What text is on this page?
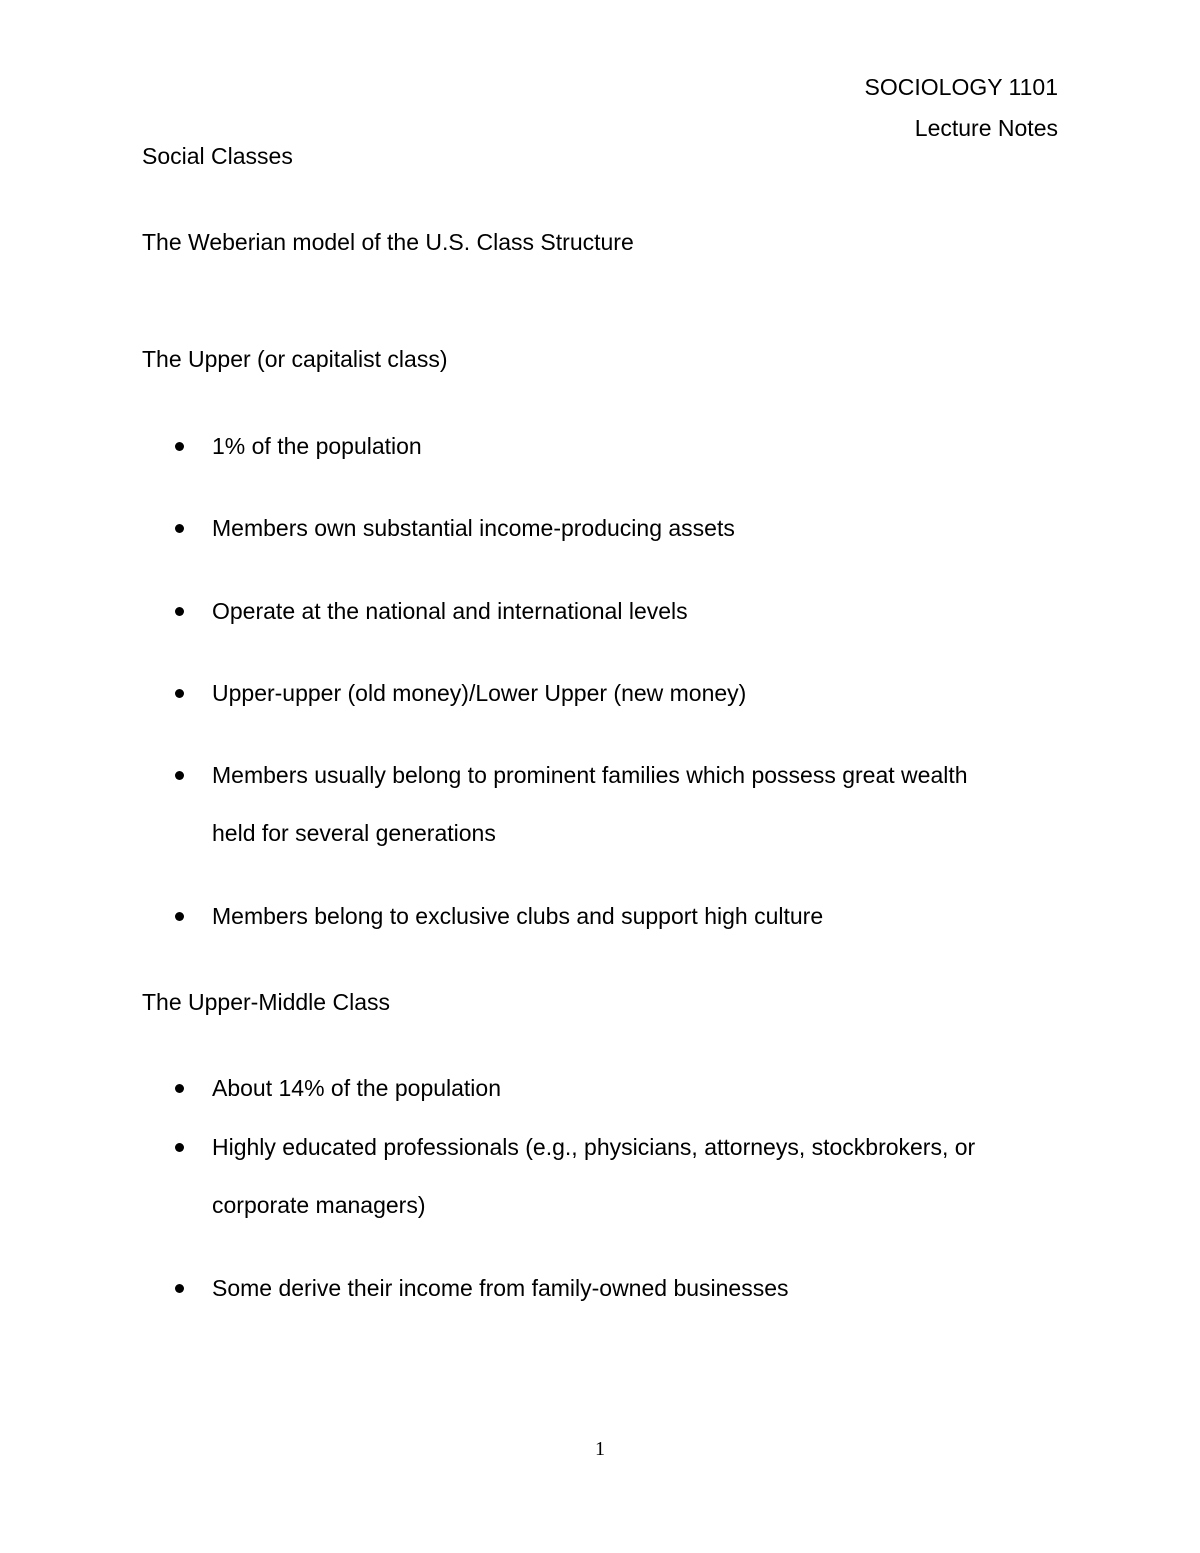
SOCIOLOGY 1101
Lecture Notes
Social Classes
The Weberian model of the U.S. Class Structure
The Upper (or capitalist class)
1% of the population
Members own substantial income-producing assets
Operate at the national and international levels
Upper-upper (old money)/Lower Upper (new money)
Members usually belong to prominent families which possess great wealth
held for several generations
Members belong to exclusive clubs and support high culture
The Upper-Middle Class
About 14% of the population
Highly educated professionals (e.g., physicians, attorneys, stockbrokers, or
corporate managers)
Some derive their income from family-owned businesses
1
